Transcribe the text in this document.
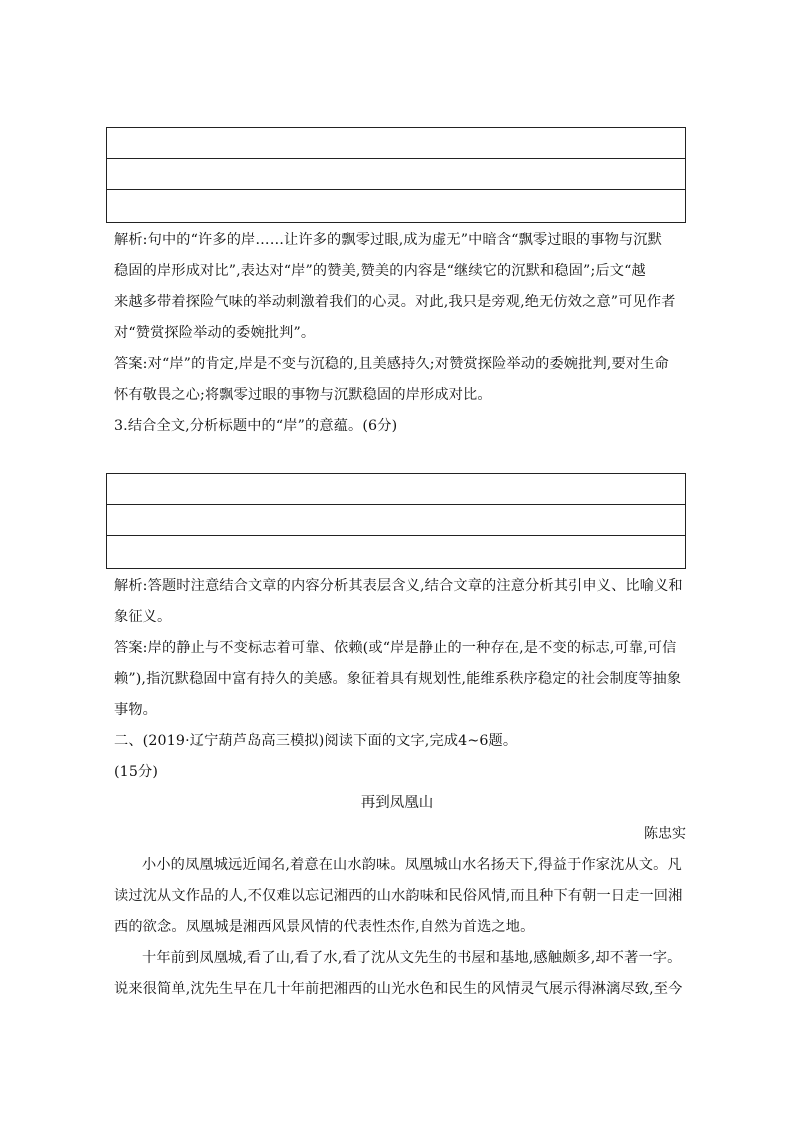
解析:句中的“许多的岸……让许多的飘零过眼,成为虚无”中暗含“飘零过眼的事物与沉默
稳固的岸形成对比”,表达对“岸”的赞美,赞美的内容是“继续它的沉默和稳固”;后文“越
来越多带着探险气味的举动刺激着我们的心灵。对此,我只是旁观,绝无仿效之意”可见作者
对“赞赏探险举动的委婉批判”。
答案:对“岸”的肯定,岸是不变与沉稳的,且美感持久;对赞赏探险举动的委婉批判,要对生命
怀有敬畏之心;将飘零过眼的事物与沉默稳固的岸形成对比。
3.结合全文,分析标题中的“岸”的意蕴。(6分)
解析:答题时注意结合文章的内容分析其表层含义,结合文章的注意分析其引申义、比喻义和
象征义。
答案:岸的静止与不变标志着可靠、依赖(或“岸是静止的一种存在,是不变的标志,可靠,可信
赖”),指沉默稳固中富有持久的美感。象征着具有规划性,能维系秩序稳定的社会制度等抽象
事物。
二、(2019·辽宁葫芦岛高三模拟)阅读下面的文字,完成4~6题。
(15分)
再到凤凰山
陈忠实
小小的凤凰城远近闻名,着意在山水韵味。凤凰城山水名扬天下,得益于作家沈从文。凡
读过沈从文作品的人,不仅难以忘记湘西的山水韵味和民俗风情,而且种下有朝一日走一回湘
西的欲念。凤凰城是湘西风景风情的代表性杰作,自然为首选之地。
十年前到凤凰城,看了山,看了水,看了沈从文先生的书屋和基地,感触颇多,却不著一字。
说来很简单,沈先生早在几十年前把湘西的山光水色和民生的风情灵气展示得淋漓尽致,至今
